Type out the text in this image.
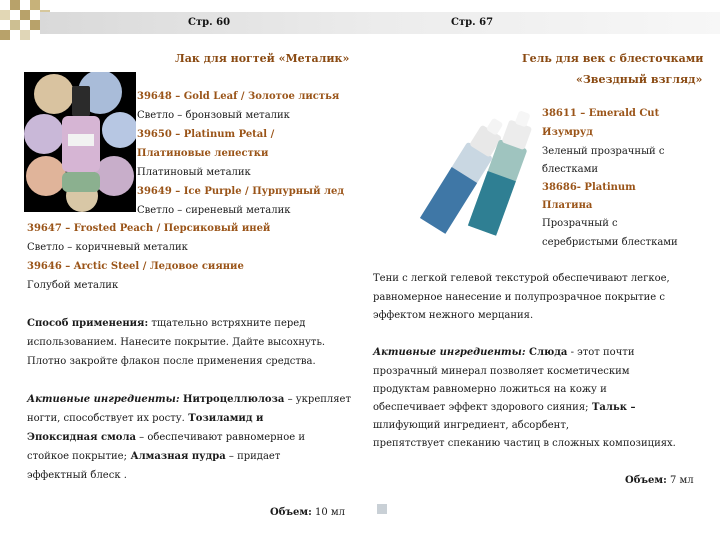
Стр. 60	Стр. 67
Лак для ногтей «Металик»
39648 – Gold Leaf / Золотое листья
Светло – бронзовый металик
39650 – Platinum Petal /
Платиновые лепестки
Платиновый металик
39649 – Ice Purple / Пурпурный лед
Светло – сиреневый металик
39647 – Frosted Peach / Персиковый иней
Светло – коричневый металик
39646 – Arctic Steel / Ледовое сияние
Голубой металик
Способ применения: тщательно встряхните перед
использованием. Нанесите покрытие. Дайте высохнуть.
Плотно закройте флакон после применения средства.
Активные ингредиенты: Нитроцеллюлоза – укрепляет
ногти, способствует их росту. Тозиламид и
Эпоксидная смола – обеспечивают равномерное и
стойкое покрытие; Алмазная пудра – придает
эффектный блеск .
Объем: 10 мл
Гель для век с блесточками
«Звездный взгляд»
38611 – Emerald Cut
Изумруд
Зеленый прозрачный с
блестками
38686- Platinum
Платина
Прозрачный с
серебристыми блестками
Тени с легкой гелевой текстурой обеспечивают легкое,
равномерное нанесение и полупрозрачное покрытие с
эффектом нежного мерцания.
Активные ингредиенты: Слюда - этот почти
прозрачный минерал позволяет косметическим
продуктам равномерно ложиться на кожу и
обеспечивает эффект здорового сияния; Тальк –
шлифующий ингредиент, абсорбент,
препятствует спеканию частиц в сложных композициях.
Объем: 7 мл
